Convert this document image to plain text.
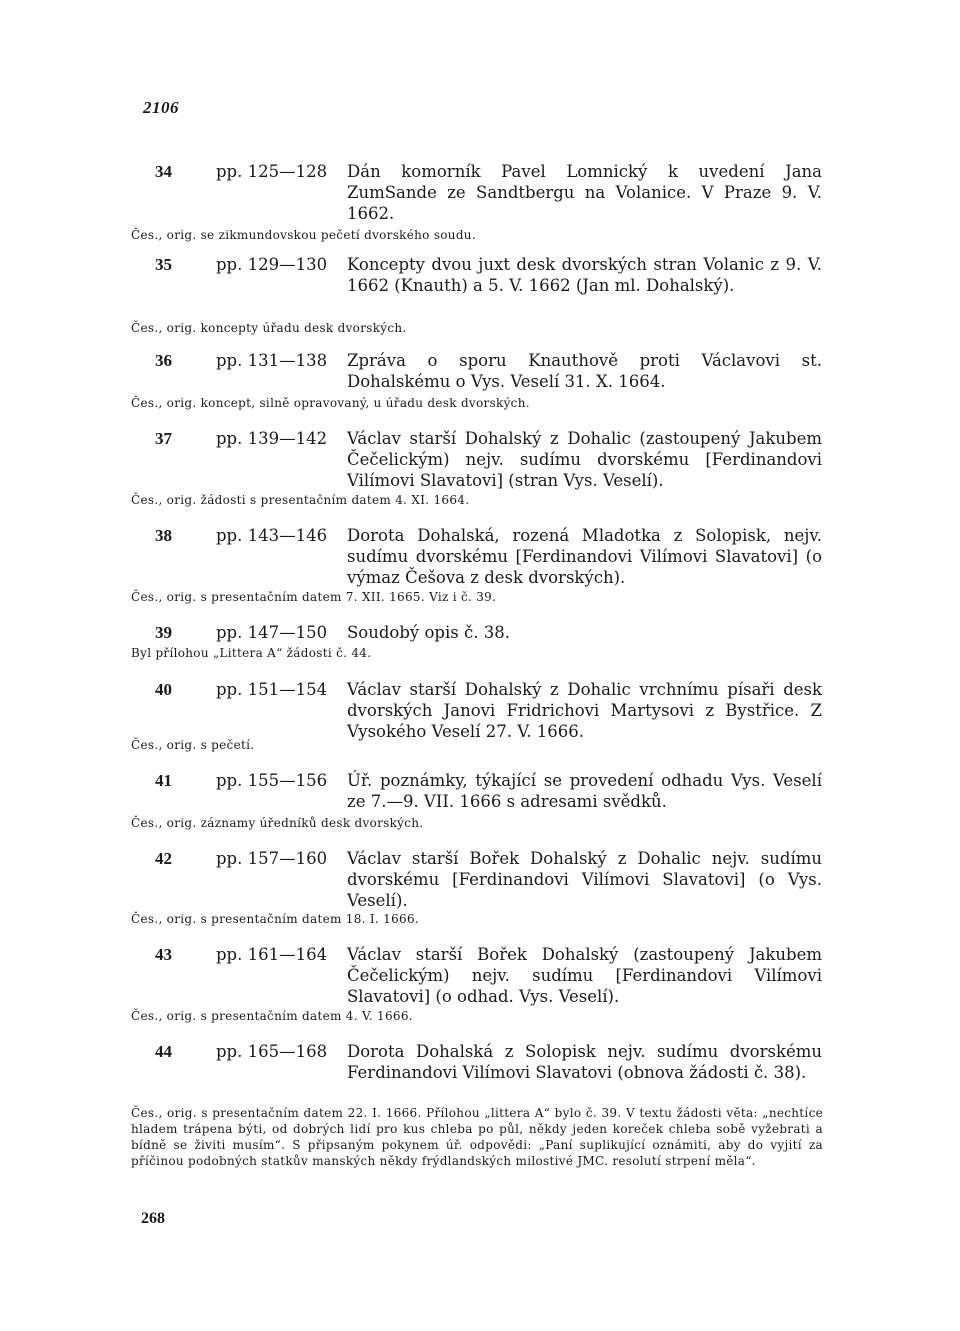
2106
34	pp. 125—128 Dán komorník Pavel Lomnický k uvedení Jana ZumSande ze Sandtbergu na Volanice. V Praze 9. V. 1662.
Čes., orig. se zikmundovskou pečetí dvorského soudu.
35	pp. 129—130 Koncepty dvou juxt desk dvorských stran Volanic z 9. V. 1662 (Knauth) a 5. V. 1662 (Jan ml. Dohalský).
Čes., orig. koncepty úřadu desk dvorských.
36	pp. 131—138 Zpráva o sporu Knauthově proti Václavovi st. Dohalskému o Vys. Veselí 31. X. 1664.
Čes., orig. koncept, silně opravovaný, u úřadu desk dvorských.
37	pp. 139—142 Václav starší Dohalský z Dohalic (zastoupený Jakubem Čečelickým) nejv. sudímu dvorskému [Ferdinandovi Vilímovi Slavatovi] (stran Vys. Veselí).
Čes., orig. žádosti s presentačním datem 4. XI. 1664.
38	pp. 143—146 Dorota Dohalská, rozená Mladotka z Solopisk, nejv. sudímu dvorskému [Ferdinandovi Vilímovi Slavatovi] (o výmaz Češova z desk dvorských).
Čes., orig. s presentačním datem 7. XII. 1665. Viz i č. 39.
39	pp. 147—150 Soudobý opis č. 38.
Byl přílohou „Littera A“ žádosti č. 44.
40	pp. 151—154 Václav starší Dohalský z Dohalic vrchnímu písaři desk dvorských Janovi Fridrichovi Martysovi z Bystřice. Z Vysokého Veselí 27. V. 1666.
Čes., orig. s pečetí.
41	pp. 155—156 Úř. poznámky, týkající se provedení odhadu Vys. Veselí ze 7.—9. VII. 1666 s adresami svědků.
Čes., orig. záznamy úředníků desk dvorských.
42	pp. 157—160 Václav starší Bořek Dohalský z Dohalic nejv. sudímu dvorskému [Ferdinandovi Vilímovi Slavatovi] (o Vys. Veselí).
Čes., orig. s presentačním datem 18. I. 1666.
43	pp. 161—164 Václav starší Bořek Dohalský (zastoupený Jakubem Čečelickým) nejv. sudímu [Ferdinandovi Vilímovi Slavatovi] (o odhad. Vys. Veselí).
Čes., orig. s presentačním datem 4. V. 1666.
44	pp. 165—168 Dorota Dohalská z Solopisk nejv. sudímu dvorskému Ferdinandovi Vilímovi Slavatovi (obnova žádosti č. 38).
Čes., orig. s presentačním datem 22. I. 1666. Přílohou „littera A“ bylo č. 39. V textu žádosti věta: „nechtíce hladem trápena býti, od dobrých lidí pro kus chleba po půl, někdy jeden koreček chleba sobě vyžebrati a bídně se živiti musím“. S připsaným pokynem úř. odpovědi: „Paní suplikující oznámiti, aby do vyjití za příčinou podobných statkův manských někdy frýdlandských milostivé JMC. resolutí strpení měla“.
268
